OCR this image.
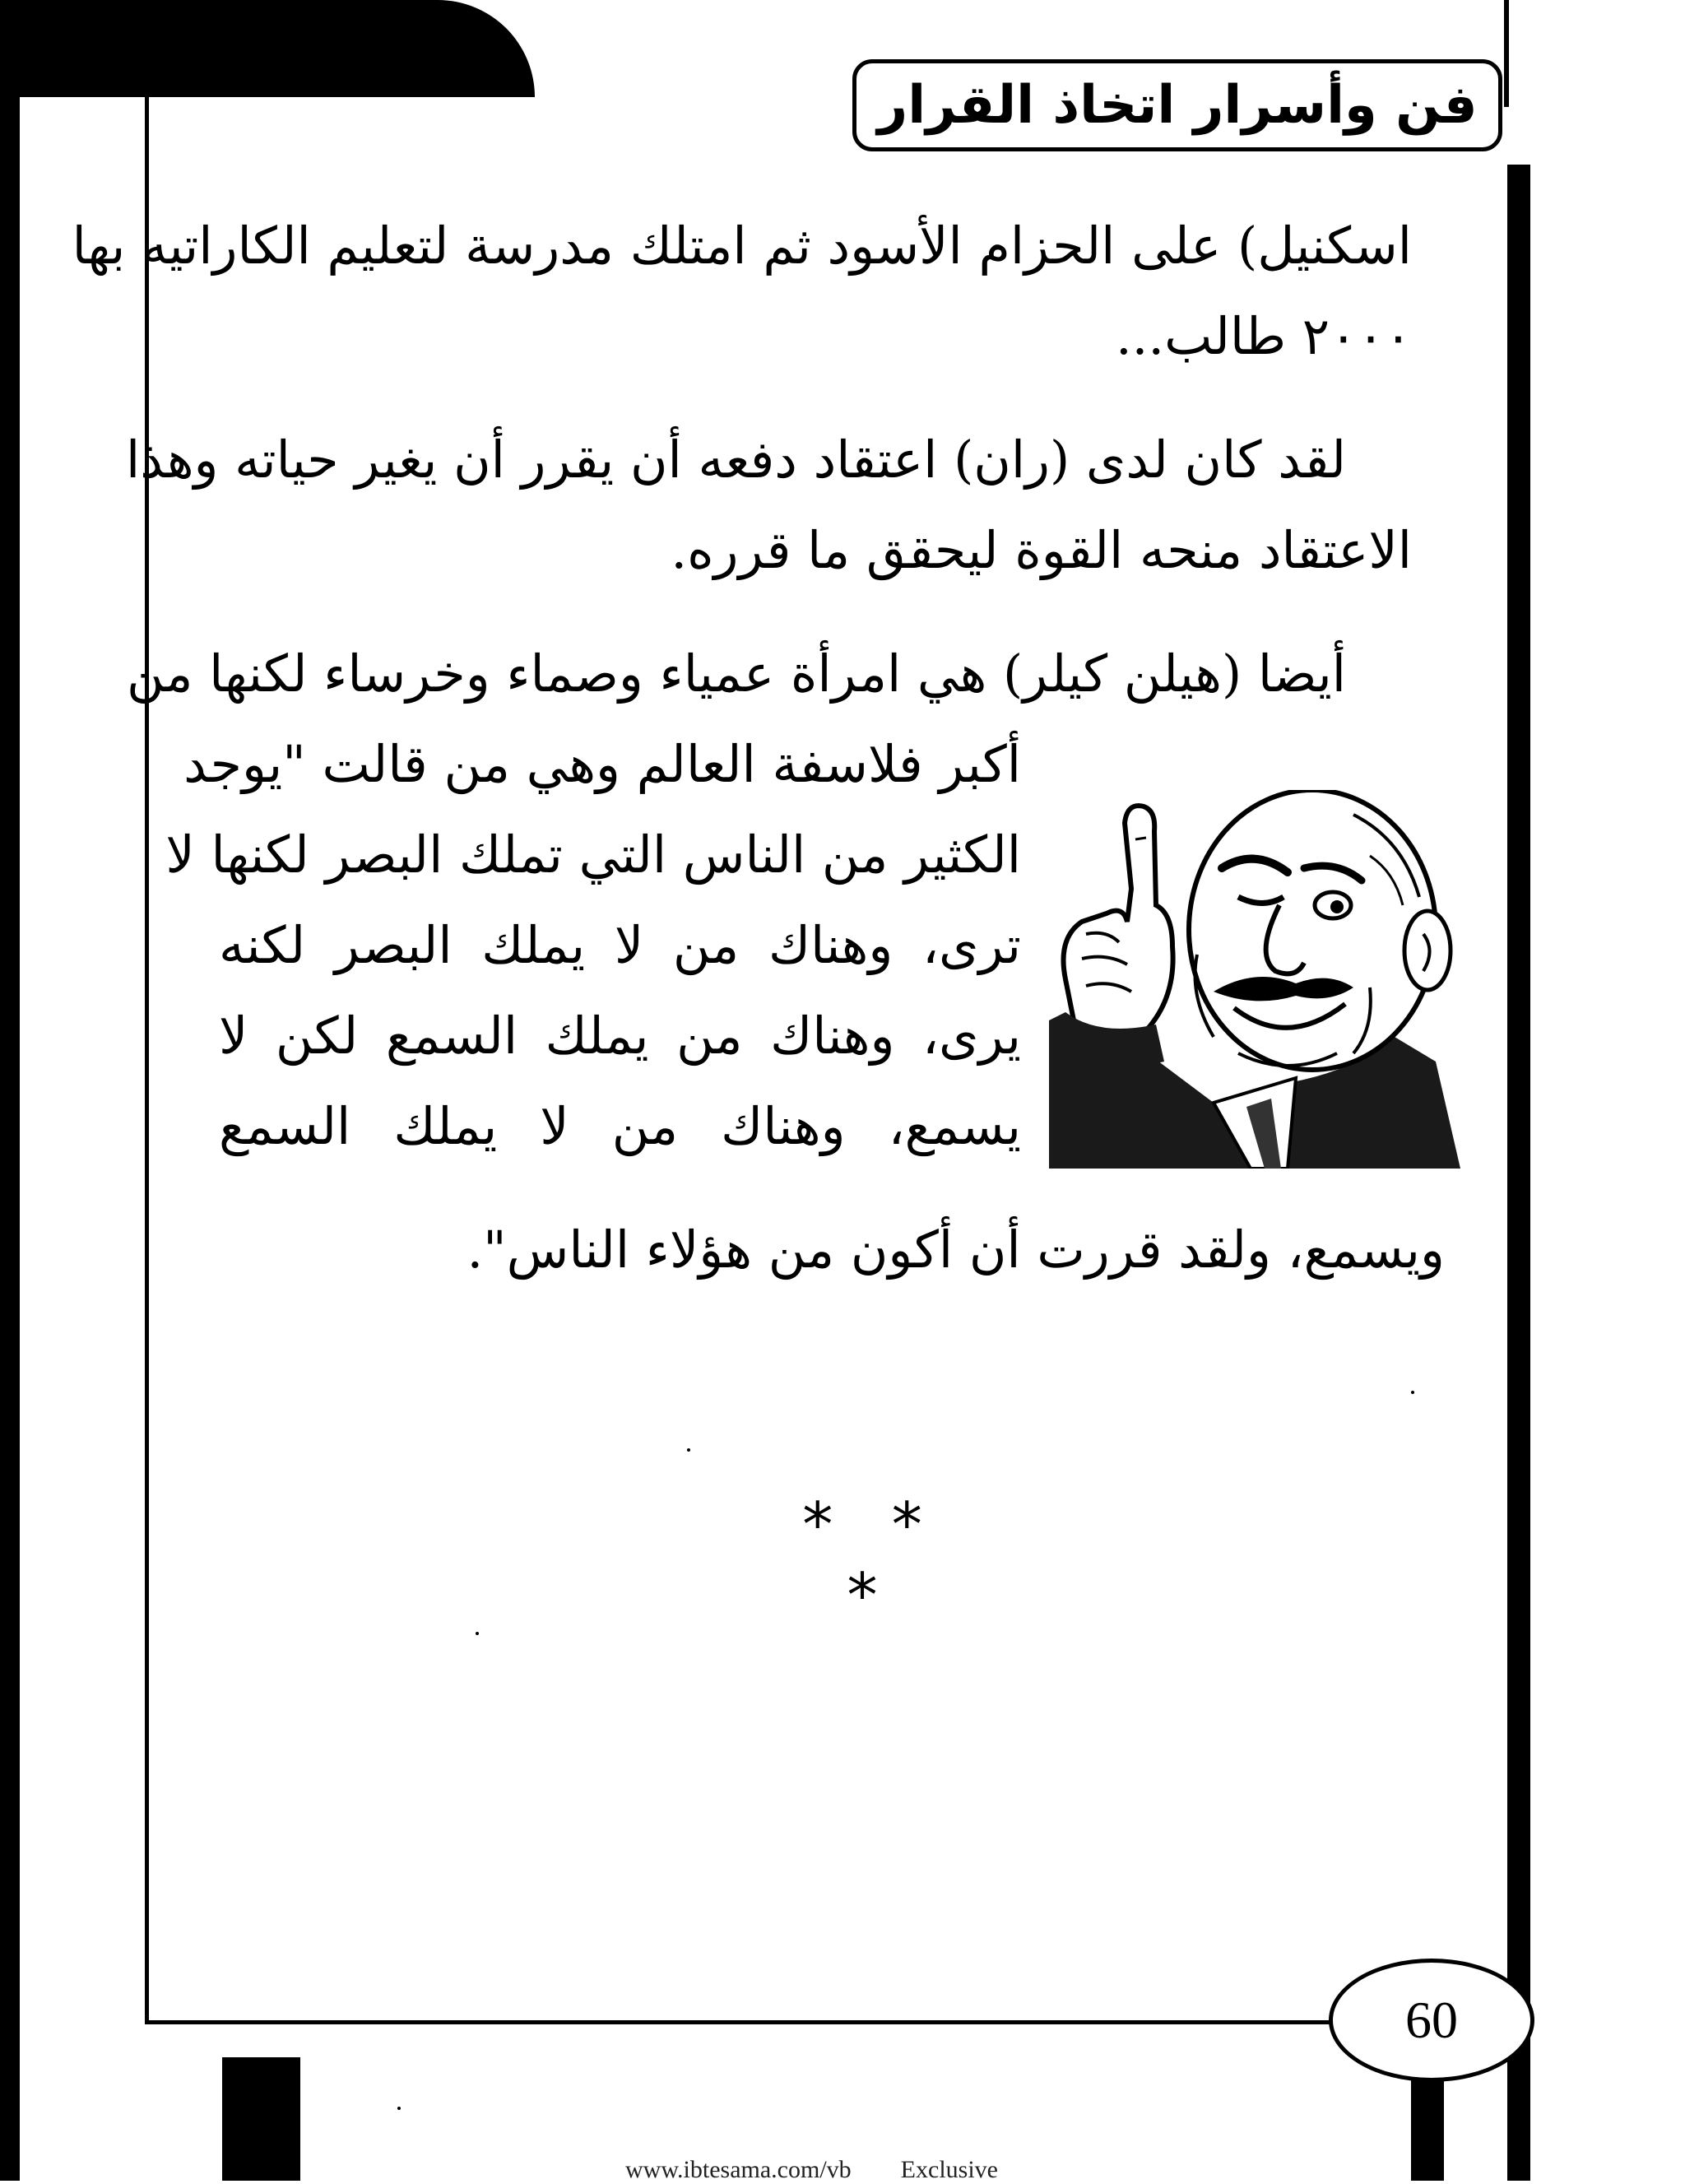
فن وأسرار اتخاذ القرار
اسكنيل) على الحزام الأسود ثم امتلك مدرسة لتعليم الكاراتيه بها
٢٠٠٠ طالب...
لقد كان لدى (ران) اعتقاد دفعه أن يقرر أن يغير حياته وهذا
الاعتقاد منحه القوة ليحقق ما قرره.
أيضا (هيلن كيلر) هي امرأة عمياء وصماء وخرساء لكنها من
أكبر فلاسفة العالم وهي من قالت "يوجد
الكثير من الناس التي تملك البصر لكنها لا
ترى، وهناك من لا يملك البصر لكنه
يرى، وهناك من يملك السمع لكن لا
يسمع، وهناك من لا يملك السمع
ويسمع، ولقد قررت أن أكون من هؤلاء الناس".
* * *
60
www.ibtesama.com/vb Exclusive
